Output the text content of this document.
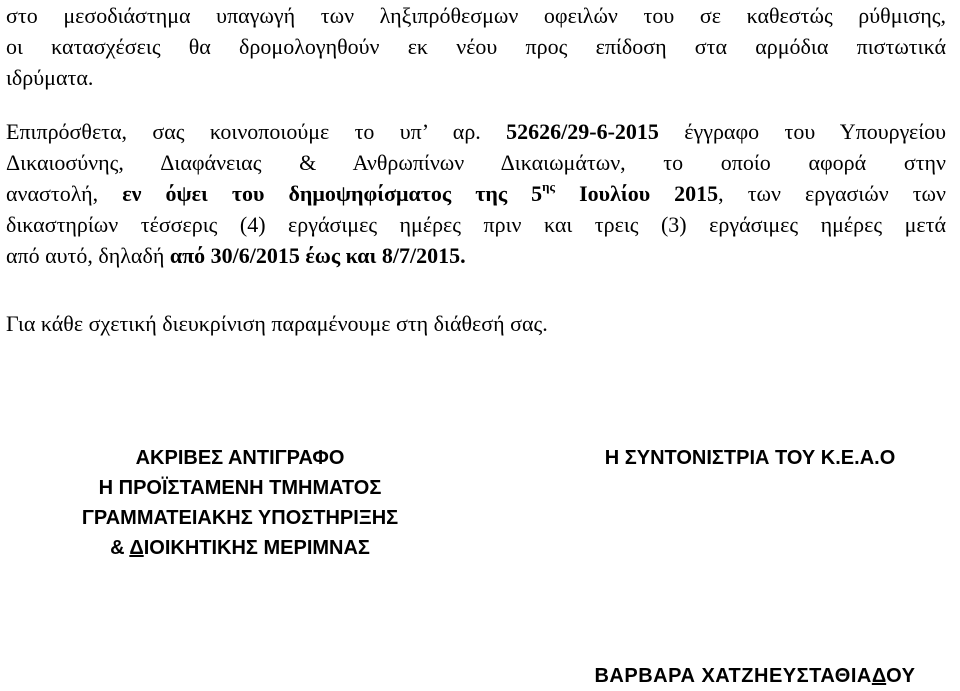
στο μεσοδιάστημα υπαγωγή των ληξιπρόθεσμων οφειλών του σε καθεστώς ρύθμισης,
οι κατασχέσεις θα δρομολογηθούν εκ νέου προς επίδοση στα αρμόδια πιστωτικά
ιδρύματα.
Επιπρόσθετα, σας κοινοποιούμε το υπ’ αρ. 52626/29-6-2015 έγγραφο του Υπουργείου
Δικαιοσύνης, Διαφάνειας & Ανθρωπίνων Δικαιωμάτων, το οποίο αφορά στην
αναστολή, εν όψει του δημοψηφίσματος της $5^{\eta\varsigma}$ Ιουλίου 2015, των εργασιών των
δικαστηρίων τέσσερις (4) εργάσιμες ημέρες πριν και τρεις (3) εργάσιμες ημέρες μετά
από αυτό, δηλαδή από 30/6/2015 έως και 8/7/2015.
Για κάθε σχετική διευκρίνιση παραμένουμε στη διάθεσή σας.
ΑΚΡΙΒΕΣ ΑΝΤΙΓΡΑΦΟ
Η ΠΡΟΪΣΤΑΜΕΝΗ ΤΜΗΜΑΤΟΣ
ΓΡΑΜΜΑΤΕΙΑΚΗΣ ΥΠΟΣΤΗΡΙΞΗΣ
& ΔΙΟΙΚΗΤΙΚΗΣ ΜΕΡΙΜΝΑΣ
Η ΣΥΝΤΟΝΙΣΤΡΙΑ ΤΟΥ Κ.Ε.Α.Ο
ΒΑΡΒΑΡΑ ΧΑΤΖΗΕΥΣΤΑΘΙΑΔΟΥ
